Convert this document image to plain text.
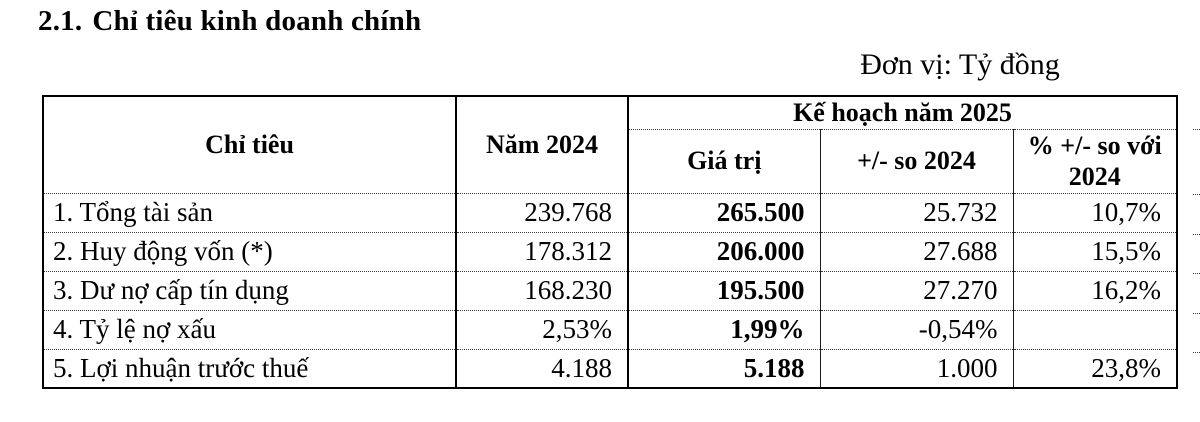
2.1. Chỉ tiêu kinh doanh chính
Đơn vị: Tỷ đồng
Chỉ tiêu	Năm 2024	Kế hoạch năm 2025		
		Giá trị	+/- so 2024	% +/- so với 2024
1. Tổng tài sản	239.768	265.500	25.732	10,7%
2. Huy động vốn (*)	178.312	206.000	27.688	15,5%
3. Dư nợ cấp tín dụng	168.230	195.500	27.270	16,2%
4. Tỷ lệ nợ xấu	2,53%	1,99%	-0,54%	
5. Lợi nhuận trước thuế	4.188	5.188	1.000	23,8%
